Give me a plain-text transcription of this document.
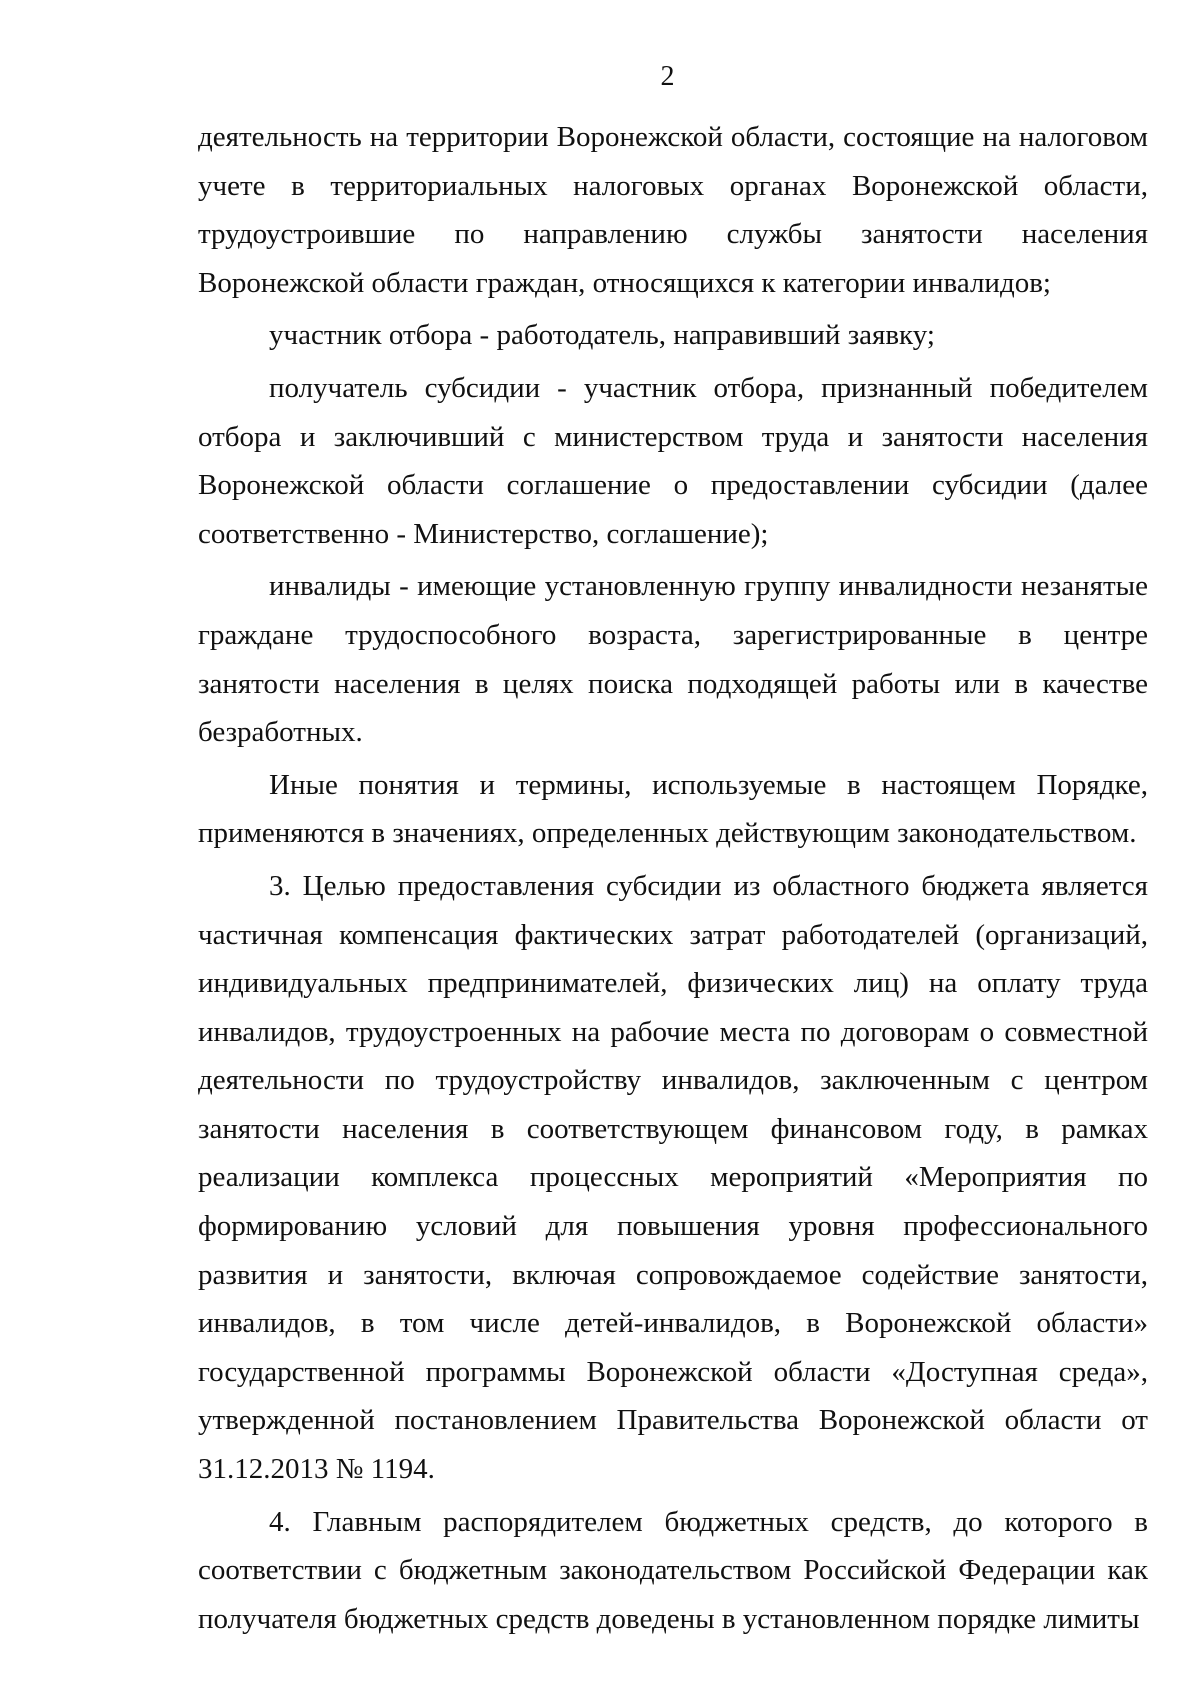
2

деятельность на территории Воронежской области, состоящие на налоговом учете в территориальных налоговых органах Воронежской области, трудоустроившие по направлению службы занятости населения Воронежской области граждан, относящихся к категории инвалидов;

участник отбора - работодатель, направивший заявку;

получатель субсидии - участник отбора, признанный победителем отбора и заключивший с министерством труда и занятости населения Воронежской области соглашение о предоставлении субсидии (далее соответственно - Министерство, соглашение);

инвалиды - имеющие установленную группу инвалидности незанятые граждане трудоспособного возраста, зарегистрированные в центре занятости населения в целях поиска подходящей работы или в качестве безработных.

Иные понятия и термины, используемые в настоящем Порядке, применяются в значениях, определенных действующим законодательством.

3. Целью предоставления субсидии из областного бюджета является частичная компенсация фактических затрат работодателей (организаций, индивидуальных предпринимателей, физических лиц) на оплату труда инвалидов, трудоустроенных на рабочие места по договорам о совместной деятельности по трудоустройству инвалидов, заключенным с центром занятости населения в соответствующем финансовом году, в рамках реализации комплекса процессных мероприятий «Мероприятия по формированию условий для повышения уровня профессионального развития и занятости, включая сопровождаемое содействие занятости, инвалидов, в том числе детей-инвалидов, в Воронежской области» государственной программы Воронежской области «Доступная среда», утвержденной постановлением Правительства Воронежской области от 31.12.2013 № 1194.

4. Главным распорядителем бюджетных средств, до которого в соответствии с бюджетным законодательством Российской Федерации как получателя бюджетных средств доведены в установленном порядке лимиты
